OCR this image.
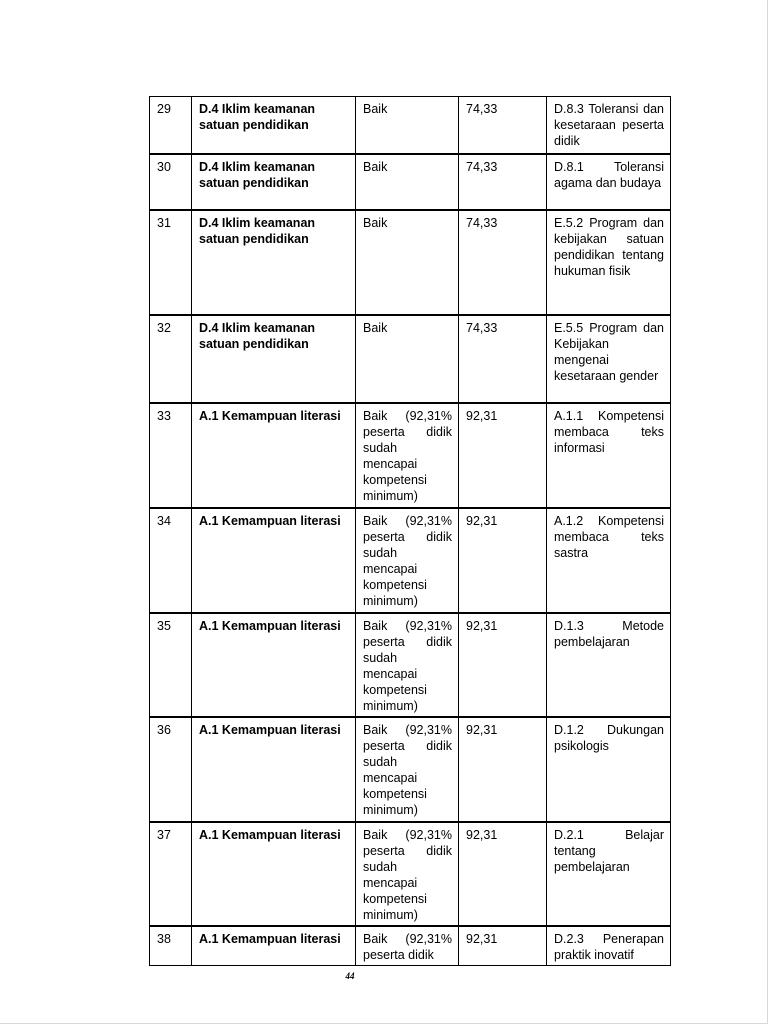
29	D.4 Iklim keamanan satuan pendidikan	Baik	74,33	D.8.3 Toleransi dan kesetaraan peserta didik

30	D.4 Iklim keamanan satuan pendidikan	Baik	74,33	D.8.1 Toleransi agama dan budaya

31	D.4 Iklim keamanan satuan pendidikan	Baik	74,33	E.5.2 Program dan kebijakan satuan pendidikan tentang hukuman fisik

32	D.4 Iklim keamanan satuan pendidikan	Baik	74,33	E.5.5 Program dan Kebijakan mengenai kesetaraan gender

33	A.1 Kemampuan literasi	Baik (92,31% peserta didik sudah mencapai kompetensi minimum)	92,31	A.1.1 Kompetensi membaca teks informasi

34	A.1 Kemampuan literasi	Baik (92,31% peserta didik sudah mencapai kompetensi minimum)	92,31	A.1.2 Kompetensi membaca teks sastra

35	A.1 Kemampuan literasi	Baik (92,31% peserta didik sudah mencapai kompetensi minimum)	92,31	D.1.3 Metode pembelajaran

36	A.1 Kemampuan literasi	Baik (92,31% peserta didik sudah mencapai kompetensi minimum)	92,31	D.1.2 Dukungan psikologis

37	A.1 Kemampuan literasi	Baik (92,31% peserta didik sudah mencapai kompetensi minimum)	92,31	D.2.1 Belajar tentang pembelajaran

38	A.1 Kemampuan literasi	Baik (92,31% peserta didik	92,31	D.2.3 Penerapan praktik inovatif
44
